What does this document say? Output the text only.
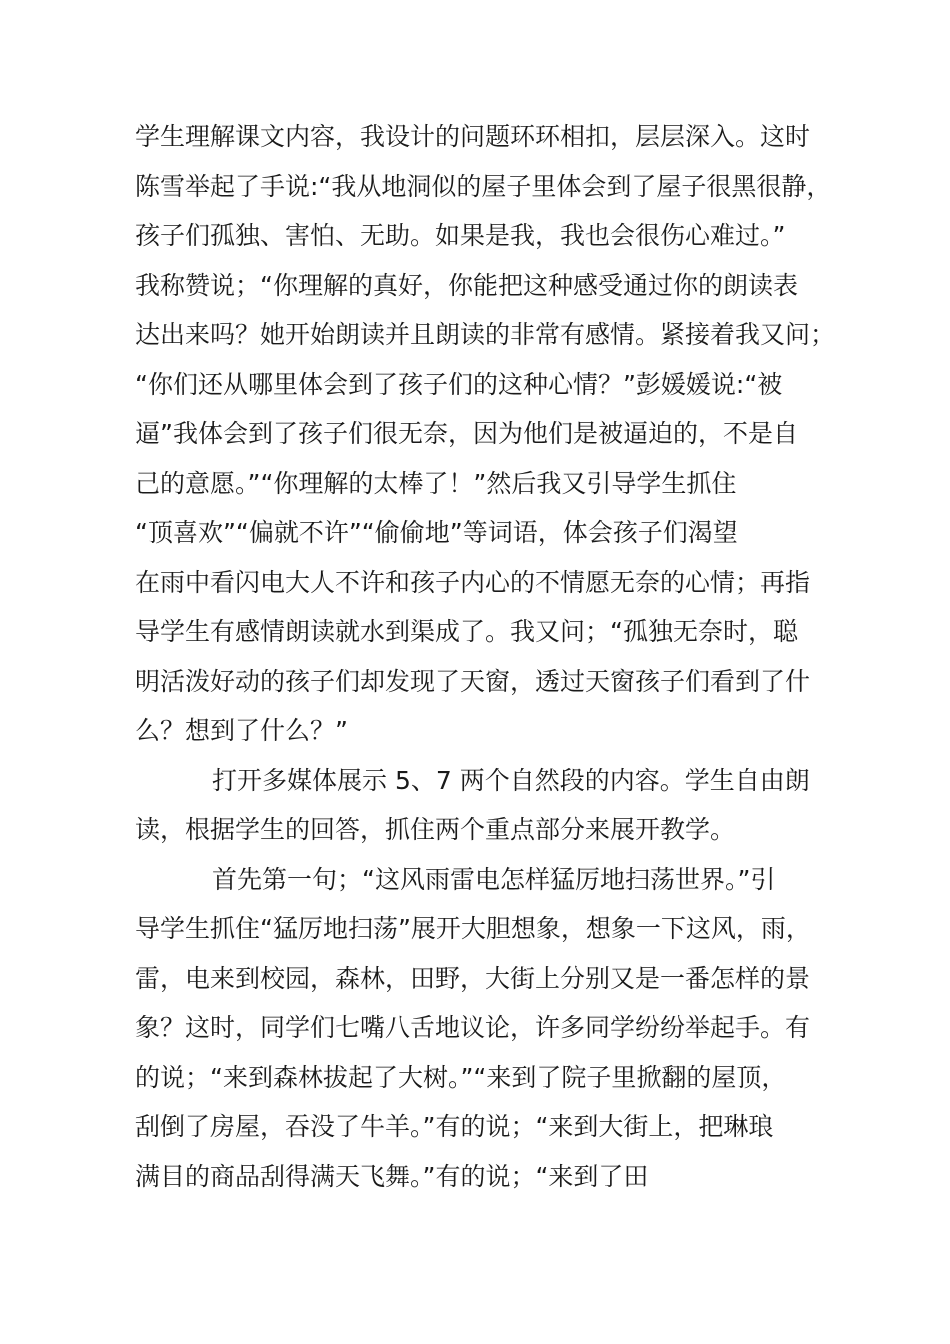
学生理解课文内容，我设计的问题环环相扣，层层深入。这时
陈雪举起了手说:“我从地洞似的屋子里体会到了屋子很黑很静，
孩子们孤独、害怕、无助。如果是我，我也会很伤心难过。”
我称赞说；“你理解的真好，你能把这种感受通过你的朗读表
达出来吗？她开始朗读并且朗读的非常有感情。紧接着我又问；
“你们还从哪里体会到了孩子们的这种心情？”彭媛媛说:“被
逼”我体会到了孩子们很无奈，因为他们是被逼迫的，不是自
己的意愿。”“你理解的太棒了！”然后我又引导学生抓住
“顶喜欢”“偏就不许”“偷偷地”等词语，体会孩子们渴望
在雨中看闪电大人不许和孩子内心的不情愿无奈的心情；再指
导学生有感情朗读就水到渠成了。我又问；“孤独无奈时，聪
明活泼好动的孩子们却发现了天窗，透过天窗孩子们看到了什
么？想到了什么？”
打开多媒体展示 5、7 两个自然段的内容。学生自由朗
读，根据学生的回答，抓住两个重点部分来展开教学。
首先第一句；“这风雨雷电怎样猛厉地扫荡世界。”引
导学生抓住“猛厉地扫荡”展开大胆想象，想象一下这风，雨，
雷，电来到校园，森林，田野，大街上分别又是一番怎样的景
象？这时，同学们七嘴八舌地议论，许多同学纷纷举起手。有
的说；“来到森林拔起了大树。”“来到了院子里掀翻的屋顶，
刮倒了房屋，吞没了牛羊。”有的说；“来到大街上，把琳琅
满目的商品刮得满天飞舞。”有的说；“来到了田
